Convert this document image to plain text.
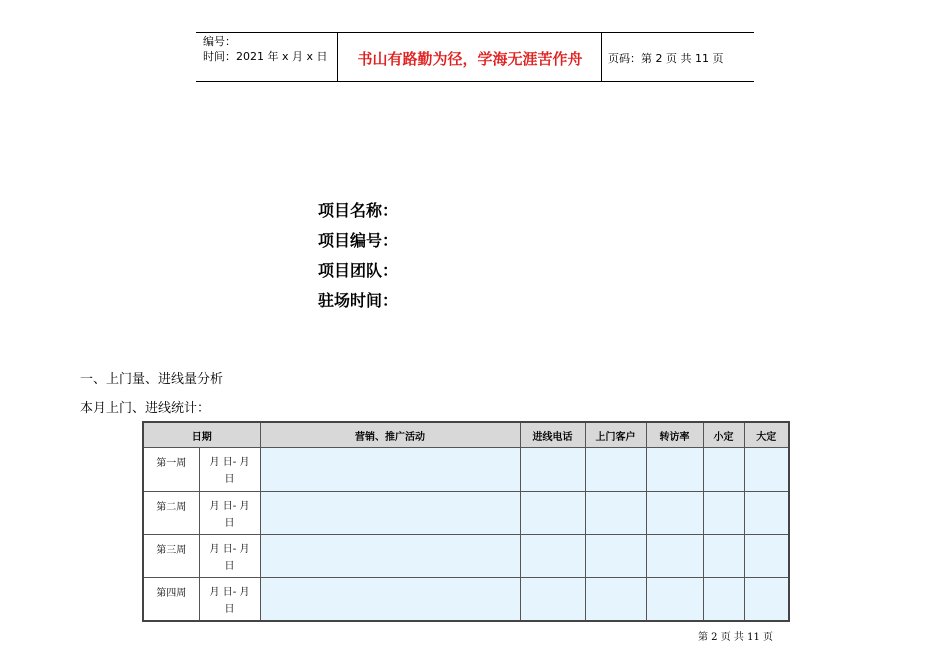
编号：
时间：2021 年 x 月 x 日	书山有路勤为径，学海无涯苦作舟	页码：第 2 页 共 11 页
项目名称：
项目编号：
项目团队：
驻场时间：
一、上门量、进线量分析
本月上门、进线统计：
日期		营销、推广活动	进线电话	上门客户	转访率	小定	大定
第一周	月 日- 月
日						

第二周	月 日- 月
日						

第三周	月 日- 月
日						

第四周	月 日- 月
日						

第 2 页 共 11 页
